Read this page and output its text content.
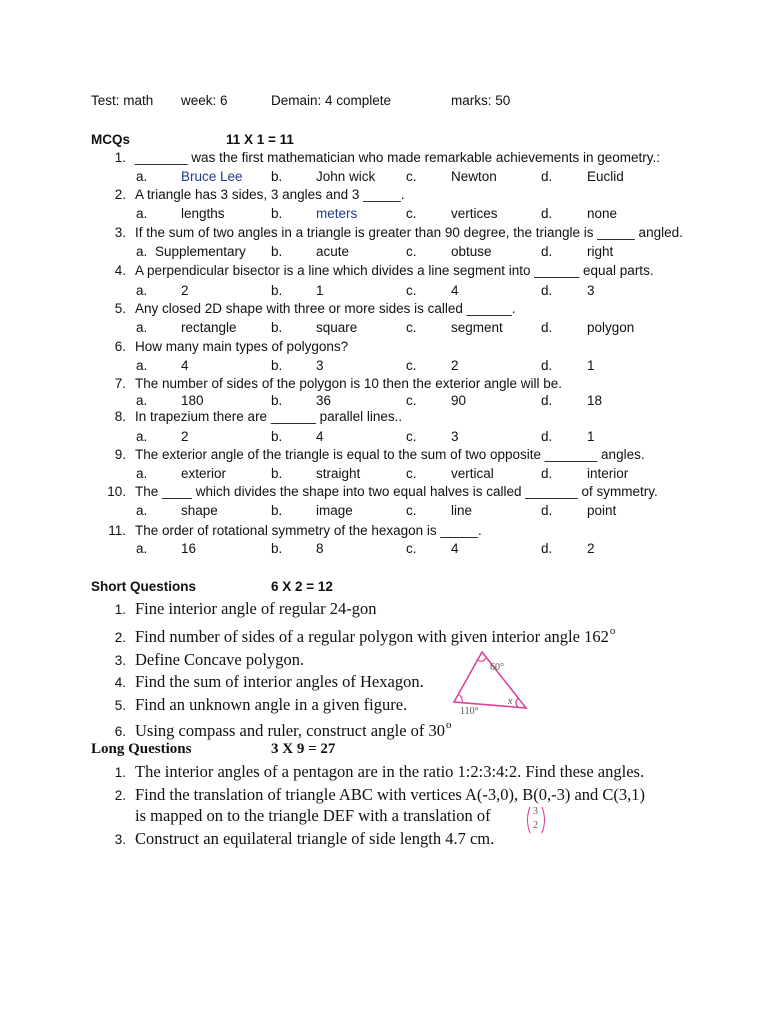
Test: math week: 6	Demain: 4 complete	marks: 50
MCQs	11 X 1 = 11
1. _______ was the first mathematician who made remarkable achievements in geometry.:
a. Bruce Lee b. John wick c.	Newton	d.	Euclid
2. A triangle has 3 sides, 3 angles and 3 _____.
a. lengths	b. meters	c.	vertices	d.	none
3. If the sum of two angles in a triangle is greater than 90 degree, the triangle is _____ angled.
a. Supplementary b. acute	c.	obtuse	d.	right
4. A perpendicular bisector is a line which divides a line segment into ______ equal parts.
a. 2	b. 1	c.	4	d.	3
5. Any closed 2D shape with three or more sides is called ______.
a. rectangle	b. square	c.	segment	d.	polygon
6. How many main types of polygons?
a. 4	b. 3	c.	2	d.	1
7. The number of sides of the polygon is 10 then the exterior angle will be.
a. 180	b. 36	c.	90	d.	18
8. In trapezium there are ______ parallel lines..
a. 2	b. 4	c.	3	d.	1
9. The exterior angle of the triangle is equal to the sum of two opposite _______ angles.
a. exterior	b. straight	c.	vertical	d.	interior
10. The ____ which divides the shape into two equal halves is called _______ of symmetry.
a. shape	b. image	c.	line	d.	point
11. The order of rotational symmetry of the hexagon is _____.
a. 16	b. 8	c.	4	d.	2
Short Questions	6 X 2 = 12
1. Fine interior angle of regular 24-gon
2. Find number of sides of a regular polygon with given interior angle 162$^o$
3. Define Concave polygon.
4. Find the sum of interior angles of Hexagon.
5. Find an unknown angle in a given figure.
6. Using compass and ruler, construct angle of 30$^o$
60°
110°
x
Long Questions	3 X 9 = 27
1. The interior angles of a pentagon are in the ratio 1:2:3:4:2. Find these angles.
2. Find the translation of triangle ABC with vertices A(-3,0), B(0,-3) and C(3,1)
is mapped on to the triangle DEF with a translation of
3. Construct an equilateral triangle of side length 4.7 cm.
3
2
